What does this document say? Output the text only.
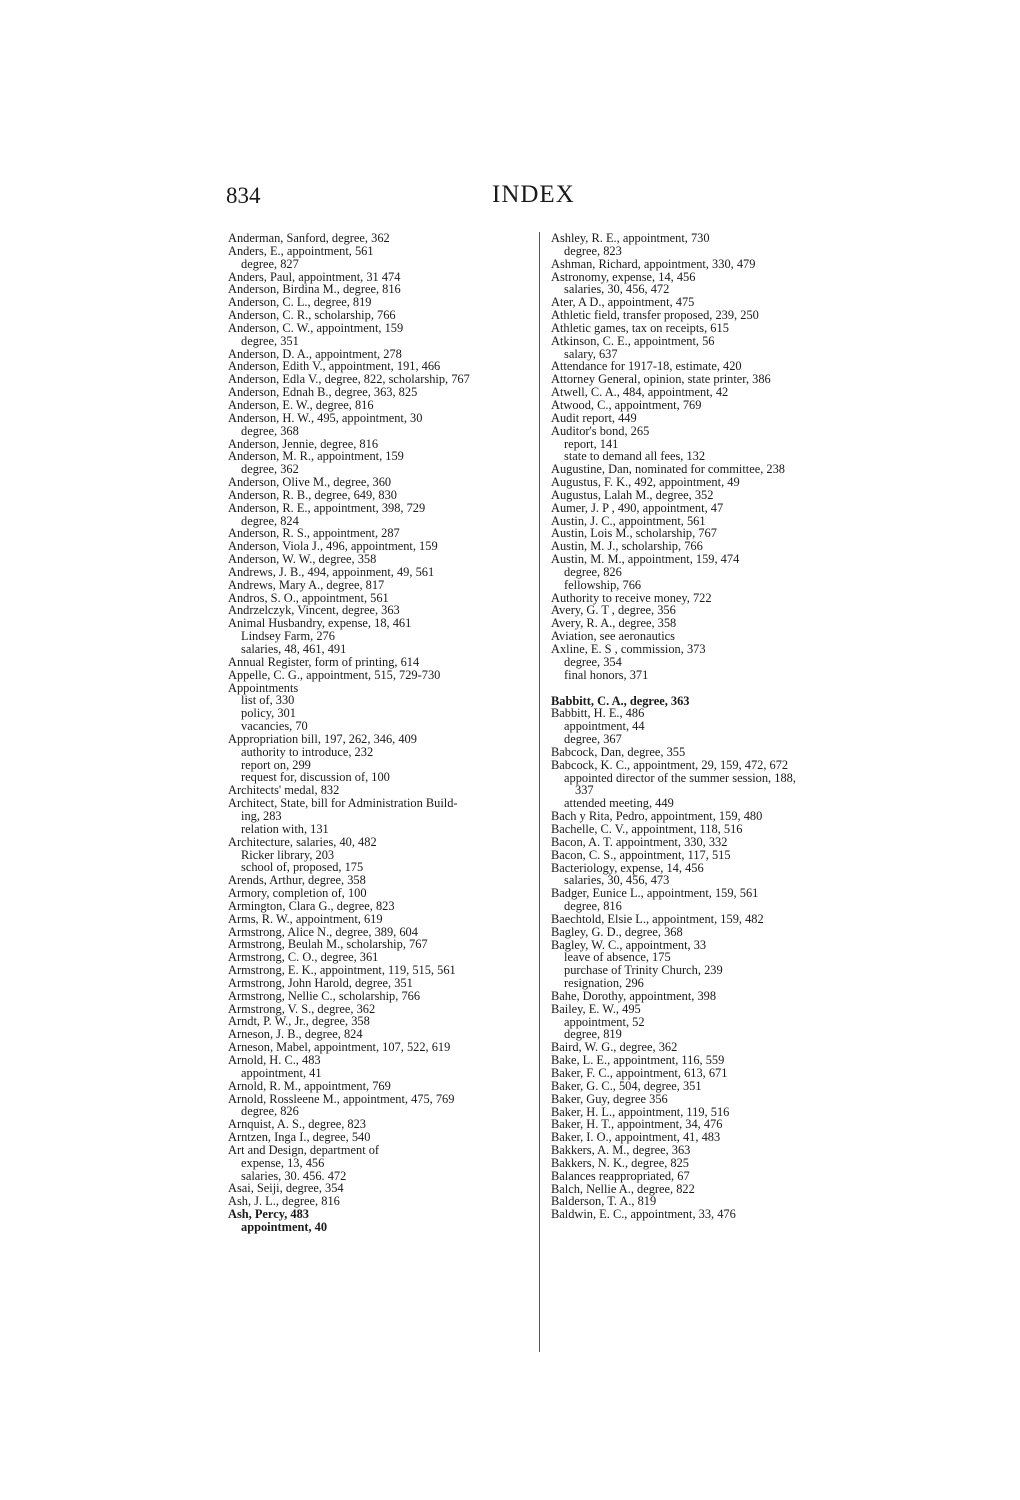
834	INDEX
Anderman, Sanford, degree, 362
Anders, E., appointment, 561
degree, 827
Anders, Paul, appointment, 31 474
Anderson, Birdina M., degree, 816
Anderson, C. L., degree, 819
Anderson, C. R., scholarship, 766
Anderson, C. W., appointment, 159
degree, 351
Anderson, D. A., appointment, 278
Anderson, Edith V., appointment, 191, 466
Anderson, Edla V., degree, 822, scholarship, 767
Anderson, Ednah B., degree, 363, 825
Anderson, E. W., degree, 816
Anderson, H. W., 495, appointment, 30
degree, 368
Anderson, Jennie, degree, 816
Anderson, M. R., appointment, 159
degree, 362
Anderson, Olive M., degree, 360
Anderson, R. B., degree, 649, 830
Anderson, R. E., appointment, 398, 729
degree, 824
Anderson, R. S., appointment, 287
Anderson, Viola J., 496, appointment, 159
Anderson, W. W., degree, 358
Andrews, J. B., 494, appoinment, 49, 561
Andrews, Mary A., degree, 817
Andros, S. O., appointment, 561
Andrzelczyk, Vincent, degree, 363
Animal Husbandry, expense, 18, 461
Lindsey Farm, 276
salaries, 48, 461, 491
Annual Register, form of printing, 614
Appelle, C. G., appointment, 515, 729-730
Appointments
list of, 330
policy, 301
vacancies, 70
Appropriation bill, 197, 262, 346, 409
authority to introduce, 232
report on, 299
request for, discussion of, 100
Architects' medal, 832
Architect, State, bill for Administration Build-
ing, 283
relation with, 131
Architecture, salaries, 40, 482
Ricker library, 203
school of, proposed, 175
Arends, Arthur, degree, 358
Armory, completion of, 100
Armington, Clara G., degree, 823
Arms, R. W., appointment, 619
Armstrong, Alice N., degree, 389, 604
Armstrong, Beulah M., scholarship, 767
Armstrong, C. O., degree, 361
Armstrong, E. K., appointment, 119, 515, 561
Armstrong, John Harold, degree, 351
Armstrong, Nellie C., scholarship, 766
Armstrong, V. S., degree, 362
Arndt, P. W., Jr., degree, 358
Arneson, J. B., degree, 824
Arneson, Mabel, appointment, 107, 522, 619
Arnold, H. C., 483
appointment, 41
Arnold, R. M., appointment, 769
Arnold, Rossleene M., appointment, 475, 769
degree, 826
Arnquist, A. S., degree, 823
Arntzen, Inga I., degree, 540
Art and Design, department of
expense, 13, 456
salaries, 30. 456. 472
Asai, Seiji, degree, 354
Ash, J. L., degree, 816
Ash, Percy, 483
appointment, 40
Ashley, R. E., appointment, 730
degree, 823
Ashman, Richard, appointment, 330, 479
Astronomy, expense, 14, 456
salaries, 30, 456, 472
Ater, A D., appointment, 475
Athletic field, transfer proposed, 239, 250
Athletic games, tax on receipts, 615
Atkinson, C. E., appointment, 56
salary, 637
Attendance for 1917-18, estimate, 420
Attorney General, opinion, state printer, 386
Atwell, C. A., 484, appointment, 42
Atwood, C., appointment, 769
Audit report, 449
Auditor's bond, 265
report, 141
state to demand all fees, 132
Augustine, Dan, nominated for committee, 238
Augustus, F. K., 492, appointment, 49
Augustus, Lalah M., degree, 352
Aumer, J. P , 490, appointment, 47
Austin, J. C., appointment, 561
Austin, Lois M., scholarship, 767
Austin, M. J., scholarship, 766
Austin, M. M., appointment, 159, 474
degree, 826
fellowship, 766
Authority to receive money, 722
Avery, G. T , degree, 356
Avery, R. A., degree, 358
Aviation, see aeronautics
Axline, E. S , commission, 373
degree, 354
final honors, 371
Babbitt, C. A., degree, 363
Babbitt, H. E., 486
appointment, 44
degree, 367
Babcock, Dan, degree, 355
Babcock, K. C., appointment, 29, 159, 472, 672
appointed director of the summer session, 188,
337
attended meeting, 449
Bach y Rita, Pedro, appointment, 159, 480
Bachelle, C. V., appointment, 118, 516
Bacon, A. T. appointment, 330, 332
Bacon, C. S., appointment, 117, 515
Bacteriology, expense, 14, 456
salaries, 30, 456, 473
Badger, Eunice L., appointment, 159, 561
degree, 816
Baechtold, Elsie L., appointment, 159, 482
Bagley, G. D., degree, 368
Bagley, W. C., appointment, 33
leave of absence, 175
purchase of Trinity Church, 239
resignation, 296
Bahe, Dorothy, appointment, 398
Bailey, E. W., 495
appointment, 52
degree, 819
Baird, W. G., degree, 362
Bake, L. E., appointment, 116, 559
Baker, F. C., appointment, 613, 671
Baker, G. C., 504, degree, 351
Baker, Guy, degree 356
Baker, H. L., appointment, 119, 516
Baker, H. T., appointment, 34, 476
Baker, I. O., appointment, 41, 483
Bakkers, A. M., degree, 363
Bakkers, N. K., degree, 825
Balances reappropriated, 67
Balch, Nellie A., degree, 822
Balderson, T. A., 819
Baldwin, E. C., appointment, 33, 476
